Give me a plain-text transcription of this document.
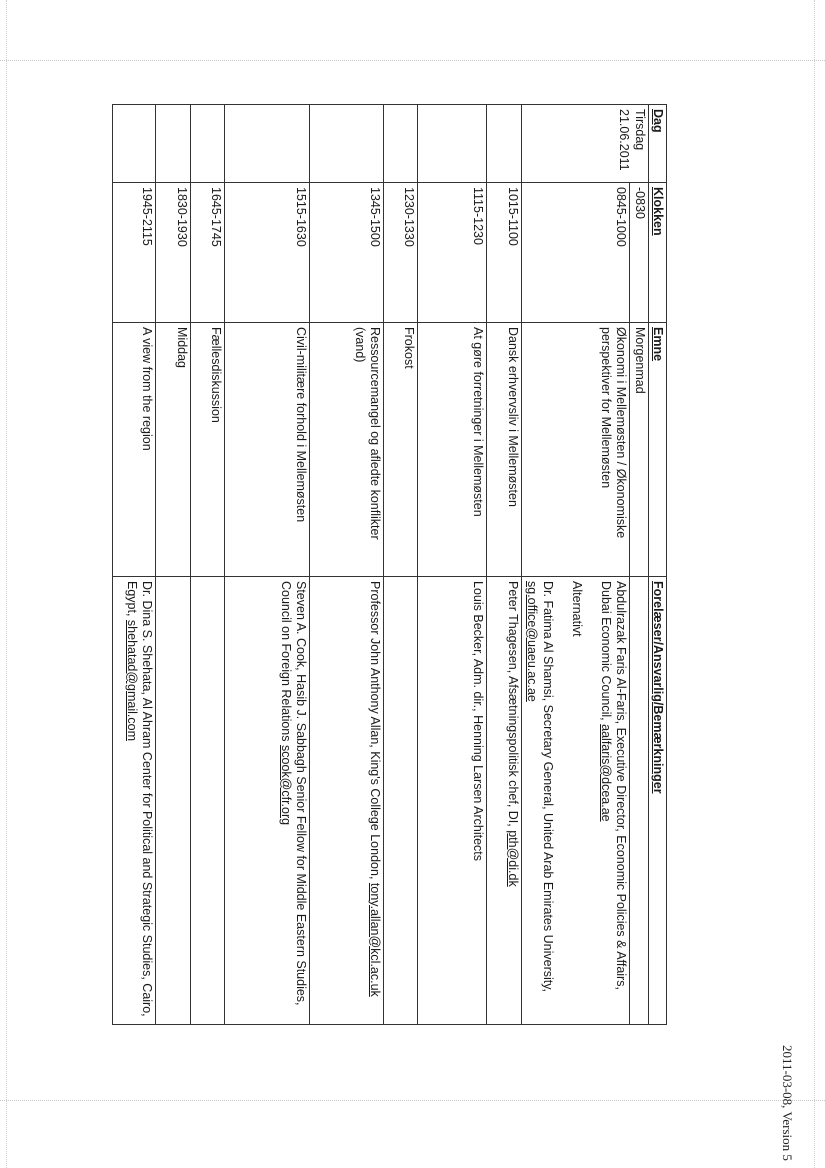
2011-03-08, Version 5
Dag	Klokken	Emne	Forelæser/Ansvarlig/Bemærkninger

Tirsdag
21.06.2011	-0830	Morgenmad	
	0845-1000	Økonomi i Mellemøsten / Økonomiske perspektiver for Mellemøsten	Abdulrazak Faris Al-Faris, Executive Director, Economic Policies & Affairs, Dubai Economic Council, aalfaris@dcea.ae
Alternativt
Dr. Fatima Al Shamsi, Secretary General, United Arab Emirates University, sg.office@uaeu.ac.ae

	1015-1100	Dansk erhvervsliv i Mellemøsten	Peter Thagesen, Afsætningspolitisk chef, DI, pth@di.dk
	1115-1230	At gøre forretninger i Mellemøsten	Louis Becker, Adm. dir., Henning Larsen Architects
	1230-1330	Frokost	
	1345-1500	Ressourcemangel og afledte konflikter (vand)	Professor John Anthony Allan, King's College London, tony.allan@kcl.ac.uk
	1515-1630	Civil-militære forhold i Mellemøsten	Steven A. Cook, Hasib J. Sabbagh Senior Fellow for Middle Eastern Studies, Council on Foreign Relations scook@cfr.org
	1645-1745	Fællesdiskussion	
	1830-1930	Middag	
	1945-2115	A view from the region	Dr. Dina S. Shehata, Al Ahram Center for Political and Strategic Studies, Cairo, Egypt, shehatad@gmail.com
